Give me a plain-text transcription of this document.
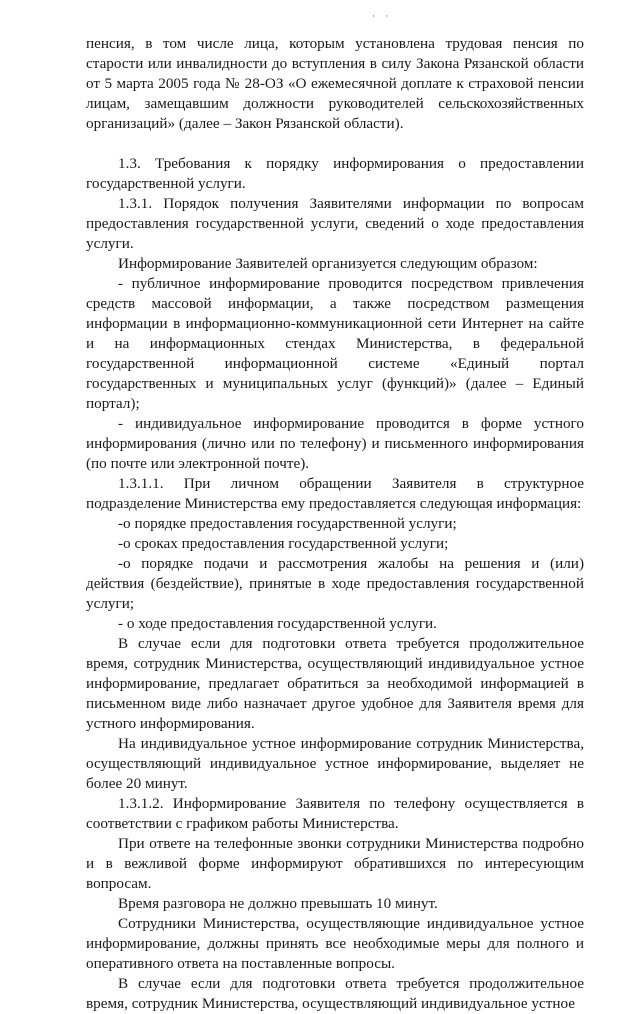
· ·

пенсия, в том числе лица, которым установлена трудовая пенсия по старости или инвалидности до вступления в силу Закона Рязанской области от 5 марта 2005 года № 28-ОЗ «О ежемесячной доплате к страховой пенсии лицам, замещавшим должности руководителей сельскохозяйственных организаций» (далее – Закон Рязанской области).

1.3. Требования к порядку информирования о предоставлении государственной услуги.

1.3.1. Порядок получения Заявителями информации по вопросам предоставления государственной услуги, сведений о ходе предоставления услуги.

Информирование Заявителей организуется следующим образом:

- публичное информирование проводится посредством привлечения средств массовой информации, а также посредством размещения информации в информационно-коммуникационной сети Интернет на сайте и на информационных стендах Министерства, в федеральной государственной информационной системе «Единый портал государственных и муниципальных услуг (функций)» (далее – Единый портал);

- индивидуальное информирование проводится в форме устного информирования (лично или по телефону) и письменного информирования (по почте или электронной почте).

1.3.1.1. При личном обращении Заявителя в структурное подразделение Министерства ему предоставляется следующая информация:

-о порядке предоставления государственной услуги;

-о сроках предоставления государственной услуги;

-о порядке подачи и рассмотрения жалобы на решения и (или) действия (бездействие), принятые в ходе предоставления государственной услуги;

- о ходе предоставления государственной услуги.

В случае если для подготовки ответа требуется продолжительное время, сотрудник Министерства, осуществляющий индивидуальное устное информирование, предлагает обратиться за необходимой информацией в письменном виде либо назначает другое удобное для Заявителя время для устного информирования.

На индивидуальное устное информирование сотрудник Министерства, осуществляющий индивидуальное устное информирование, выделяет не более 20 минут.

1.3.1.2. Информирование Заявителя по телефону осуществляется в соответствии с графиком работы Министерства.

При ответе на телефонные звонки сотрудники Министерства подробно и в вежливой форме информируют обратившихся по интересующим вопросам.

Время разговора не должно превышать 10 минут.

Сотрудники Министерства, осуществляющие индивидуальное устное информирование, должны принять все необходимые меры для полного и оперативного ответа на поставленные вопросы.

В случае если для подготовки ответа требуется продолжительное время, сотрудник Министерства, осуществляющий индивидуальное устное
